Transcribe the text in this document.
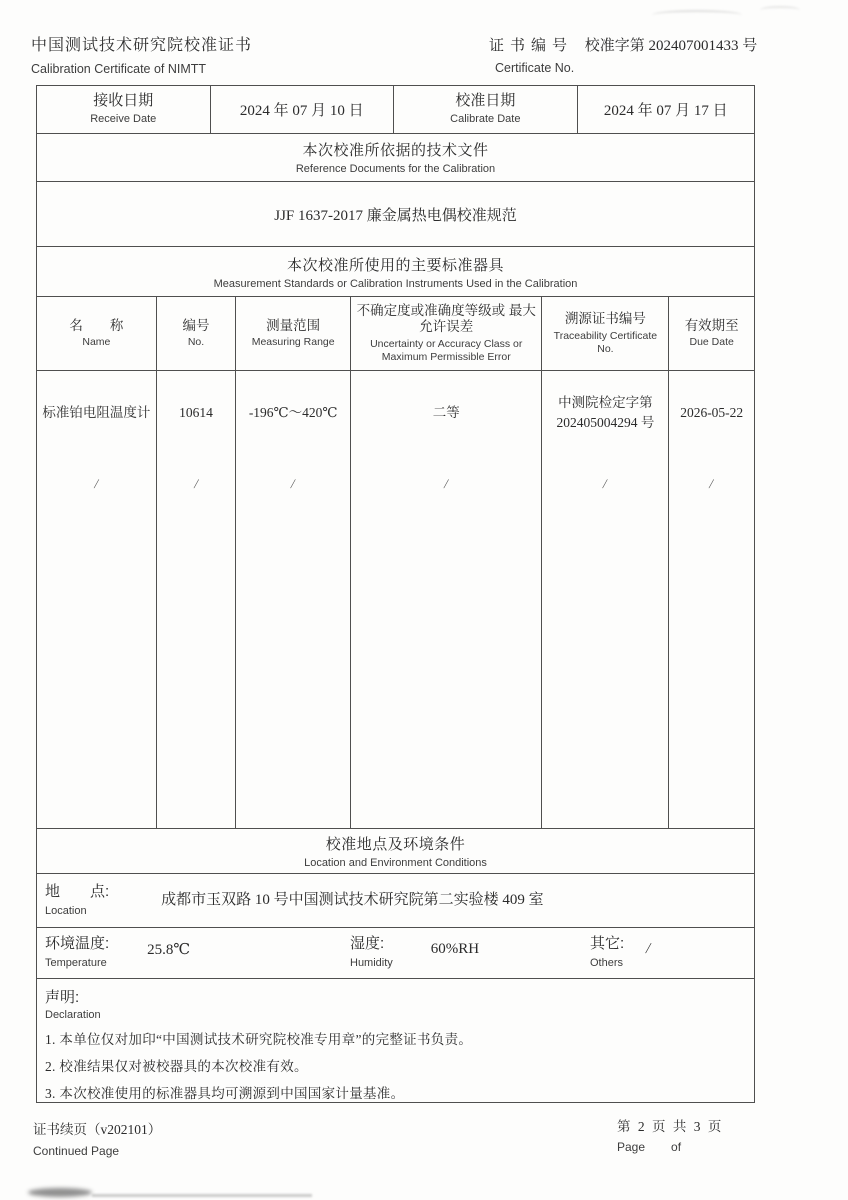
中国测试技术研究院校准证书
Calibration Certificate of NIMTT
证书编号 校准字第 202407001433 号
Certificate No.
接收日期
Receive Date
2024 年 07 月 10 日
校准日期
Calibrate Date
2024 年 07 月 17 日
本次校准所依据的技术文件
Reference Documents for the Calibration
JJF 1637-2017 廉金属热电偶校准规范
本次校准所使用的主要标准器具
Measurement Standards or Calibration Instruments Used in the Calibration
名　　称
Name
编号
No.
测量范围
Measuring Range
不确定度或准确度等级或 最大允许误差
Uncertainty or Accuracy Class or Maximum Permissible Error
溯源证书编号
Traceability Certificate No.
有效期至
Due Date
标准铂电阻温度计
/
10614
/
-196℃～420℃
/
二等
/
中测院检定字第
202405004294 号
/
2026-05-22
/
校准地点及环境条件
Location and Environment Conditions
地　　点:
Location
成都市玉双路 10 号中国测试技术研究院第二实验楼 409 室
环境温度:
Temperature
25.8℃	湿度:
Humidity
60%RH	其它:
Others
/
声明:
Declaration
1. 本单位仅对加印“中国测试技术研究院校准专用章”的完整证书负责。
2. 校准结果仅对被校器具的本次校准有效。
3. 本次校准使用的标准器具均可溯源到中国国家计量基准。
证书续页（v202101）
Continued Page
第 2 页 共 3 页
Page of
